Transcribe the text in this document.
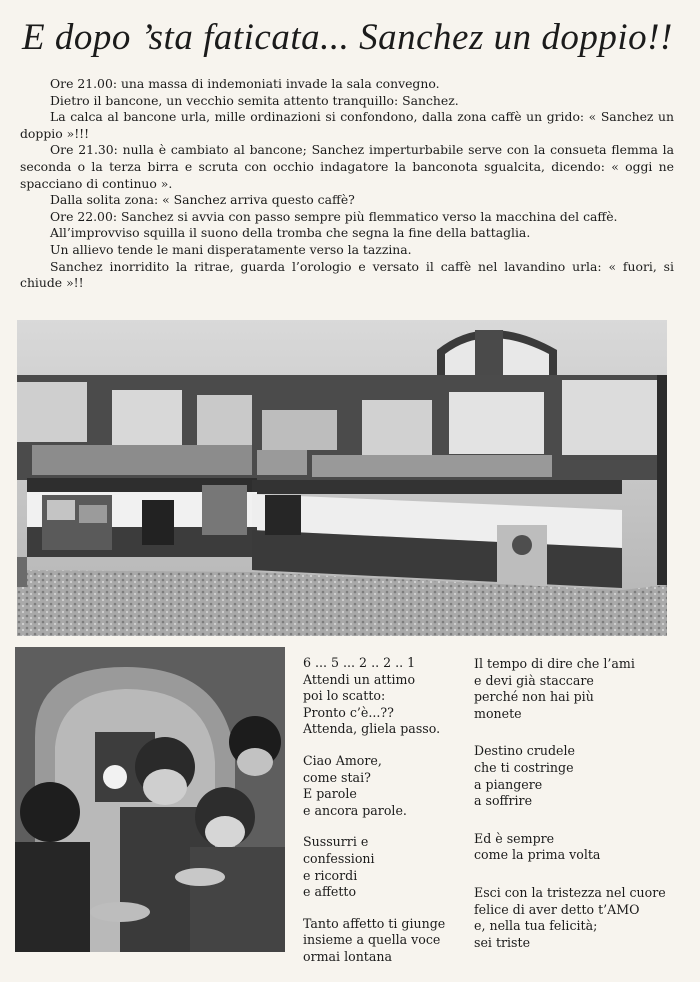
E dopo ’sta faticata... Sanchez un doppio!!

Ore 21.00: una massa di indemoniati invade la sala convegno.

Dietro il bancone, un vecchio semita attento tranquillo: Sanchez.

La calca al bancone urla, mille ordinazioni si confondono, dalla zona caffè un grido: « Sanchez un doppio »!!!

Ore 21.30: nulla è cambiato al bancone; Sanchez imperturbabile serve con la consueta flemma la seconda o la terza birra e scruta con occhio indagatore la banconota sgualcita, dicendo: « oggi ne spacciano di continuo ».

Dalla solita zona: « Sanchez arriva questo caffè?

Ore 22.00: Sanchez si avvia con passo sempre più flemmatico verso la macchina del caffè.

All’improvviso squilla il suono della tromba che segna la fine della battaglia.

Un allievo tende le mani disperatamente verso la tazzina.

Sanchez inorridito la ritrae, guarda l’orologio e versato il caffè nel lavandino urla: « fuori, si chiude »!!

6 ... 5 ... 2 .. 2 .. 1
Attendi un attimo
poi lo scatto:
Pronto c’è...??
Attenda, gliela passo.
Ciao Amore,
come stai?
E parole
e ancora parole.
Sussurri e
confessioni
e ricordi
e affetto
Tanto affetto ti giunge
insieme a quella voce
ormai lontana
Il tempo di dire che l’ami
e devi già staccare
perché non hai più
monete
Destino crudele
che ti costringe
a piangere
a soffrire
Ed è sempre
come la prima volta
Esci con la tristezza nel cuore
felice di aver detto t’AMO
e, nella tua felicità;
sei triste
